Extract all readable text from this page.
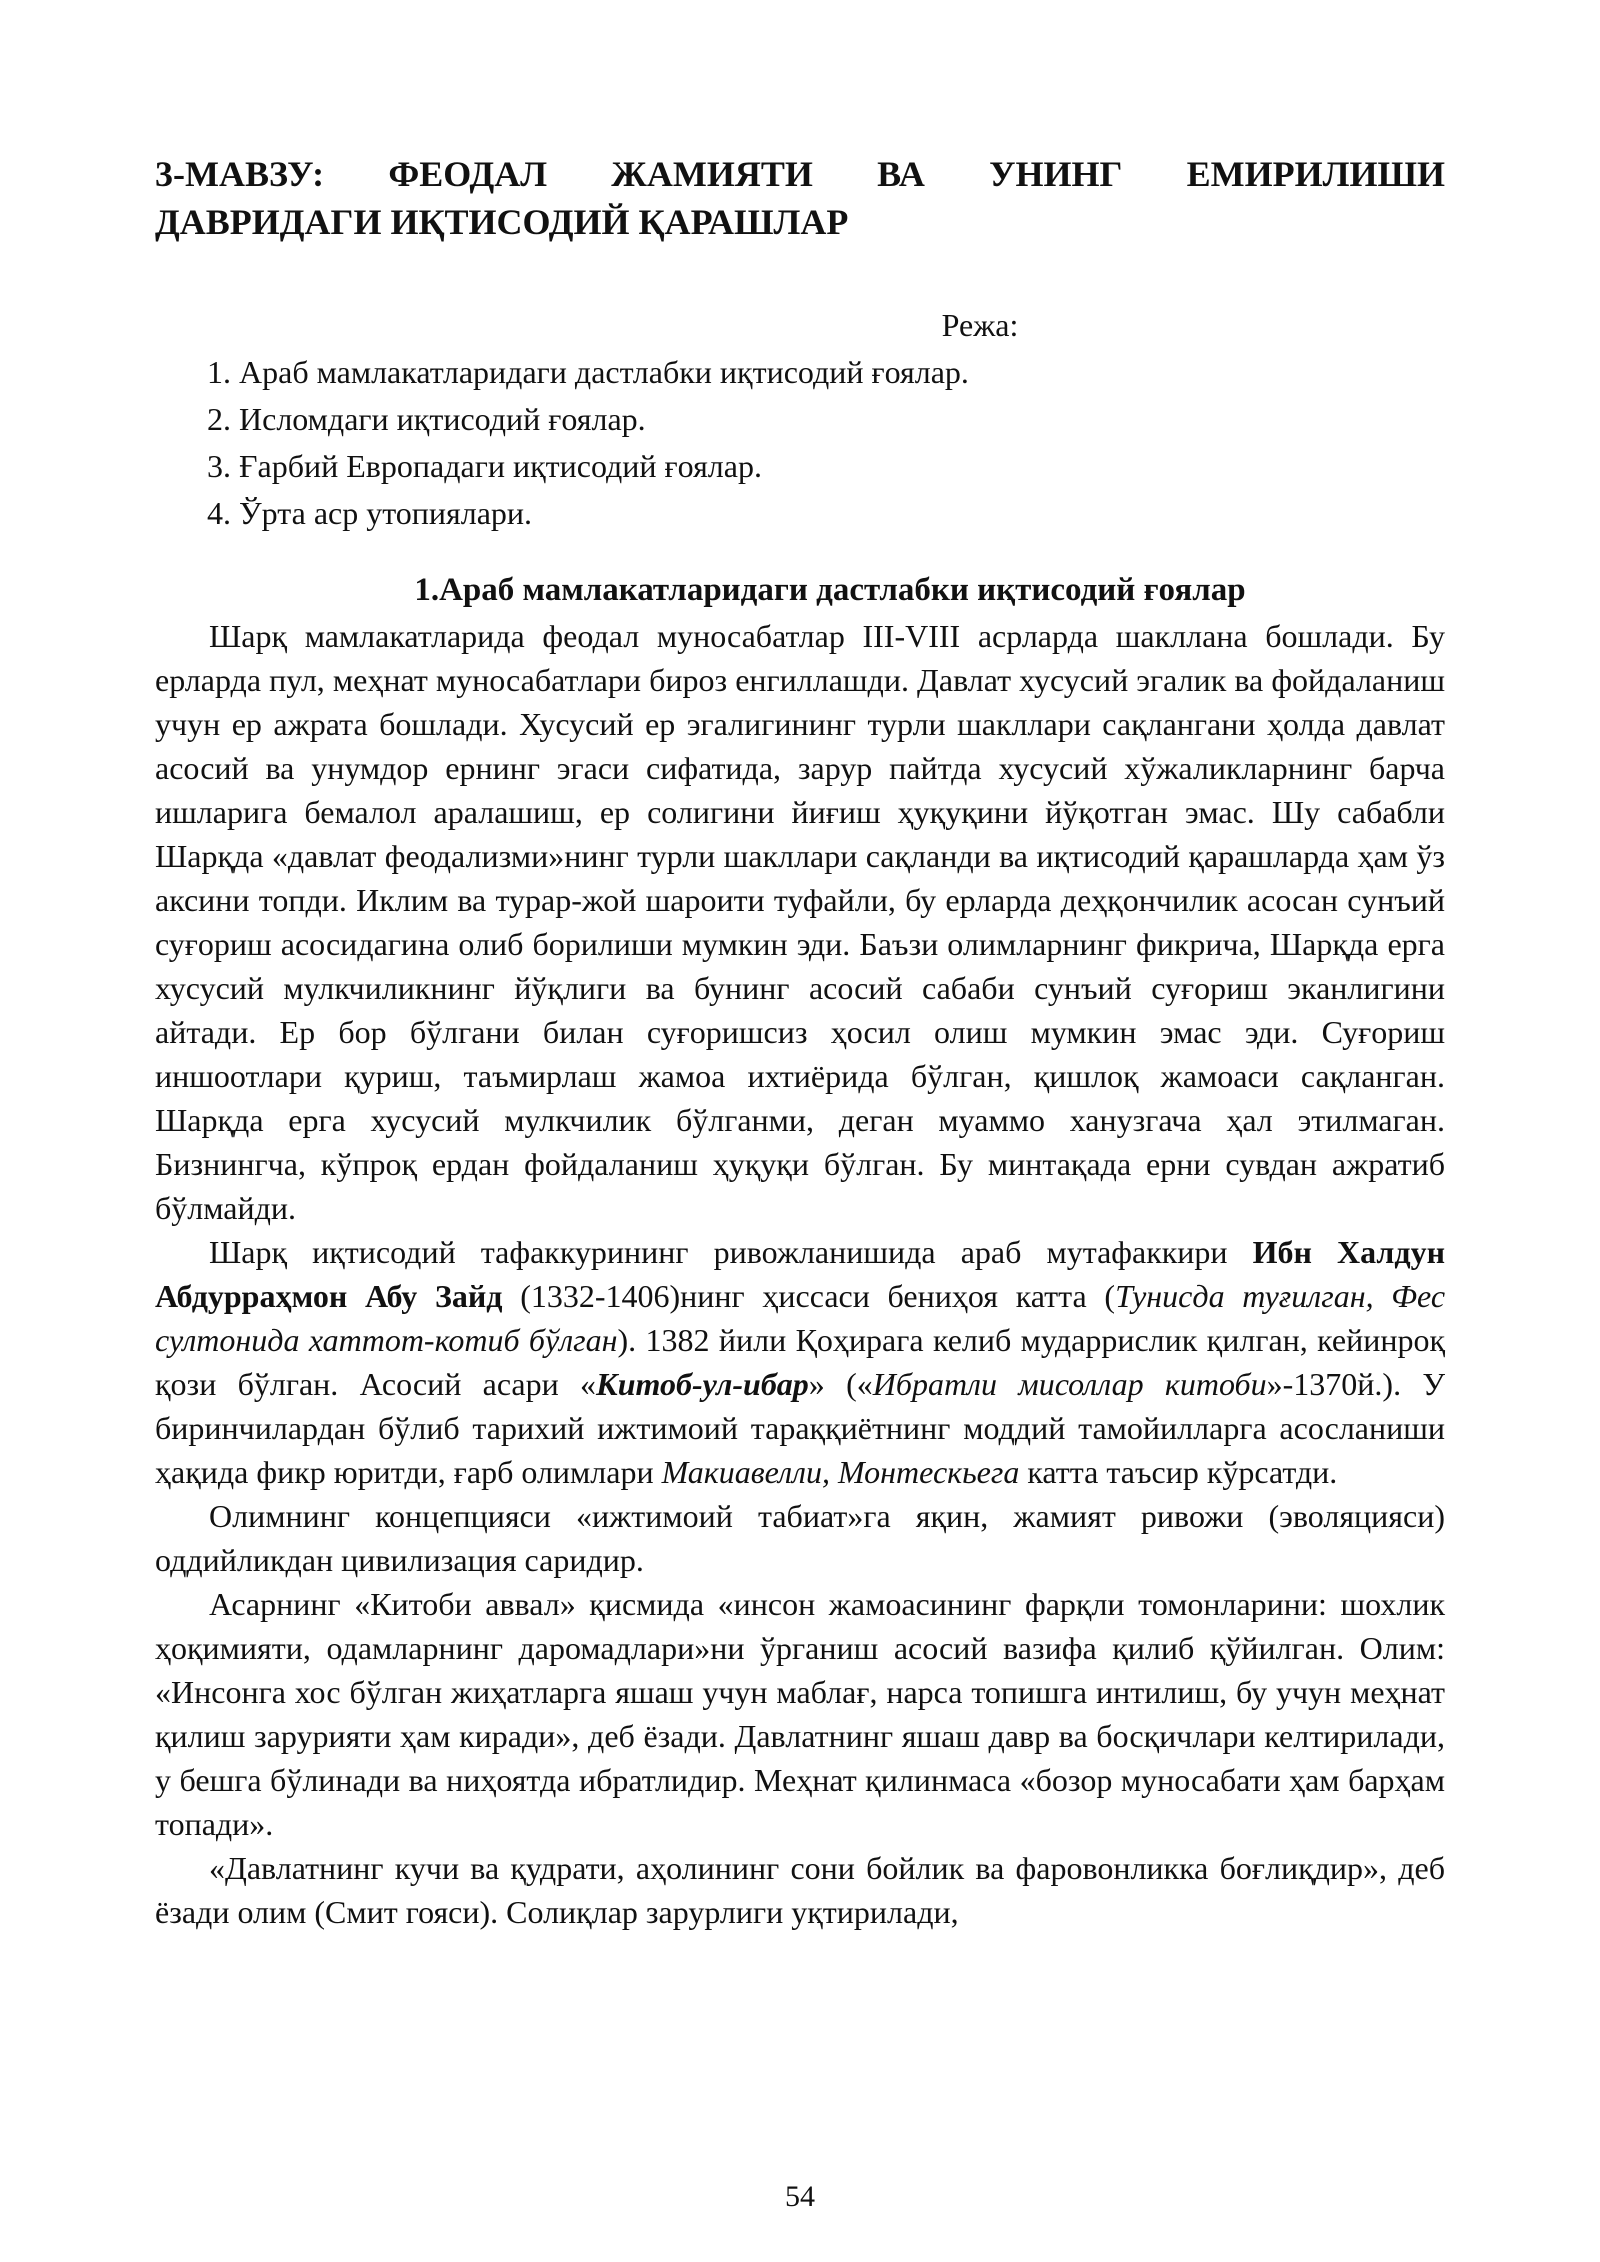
3-МАВЗУ: ФЕОДАЛ ЖАМИЯТИ ВА УНИНГ ЕМИРИЛИШИ
ДАВРИДАГИ ИҚТИСОДИЙ ҚАРАШЛАР
Режа:
1. Араб мамлакатларидаги дастлабки иқтисодий ғоялар.
2. Исломдаги иқтисодий ғоялар.
3. Ғарбий Европадаги иқтисодий ғоялар.
4. Ўрта аср утопиялари.
1.Араб мамлакатларидаги дастлабки иқтисодий ғоялар

Шарқ мамлакатларида феодал муносабатлар III-VIII асрларда шакллана бошлади. Бу ерларда пул, меҳнат муносабатлари бироз енгиллашди. Давлат хусусий эгалик ва фойдаланиш учун ер ажрата бошлади. Хусусий ер эгалигининг турли шакллари сақлангани ҳолда давлат асосий ва унумдор ернинг эгаси сифатида, зарур пайтда хусусий хўжаликларнинг барча ишларига бемалол аралашиш, ер солигини йиғиш ҳуқуқини йўқотган эмас. Шу сабабли Шарқда «давлат феодализми»нинг турли шакллари сақланди ва иқтисодий қарашларда ҳам ўз аксини топди. Иклим ва турар-жой шароити туфайли, бу ерларда деҳқончилик асосан сунъий суғориш асосидагина олиб борилиши мумкин эди. Баъзи олимларнинг фикрича, Шарқда ерга хусусий мулкчиликнинг йўқлиги ва бунинг асосий сабаби сунъий суғориш эканлигини айтади. Ер бор бўлгани билан суғоришсиз ҳосил олиш мумкин эмас эди. Суғориш иншоотлари қуриш, таъмирлаш жамоа ихтиёрида бўлган, қишлоқ жамоаси сақланган. Шарқда ерга хусусий мулкчилик бўлганми, деган муаммо ханузгача ҳал этилмаган. Бизнингча, кўпроқ ердан фойдаланиш ҳуқуқи бўлган. Бу минтақада ерни сувдан ажратиб бўлмайди.

Шарқ иқтисодий тафаккурининг ривожланишида араб мутафаккири Ибн Халдун Абдурраҳмон Абу Зайд (1332-1406)нинг ҳиссаси бениҳоя катта (Тунисда туғилган, Фес султонида хаттот-котиб бўлган). 1382 йили Қоҳирага келиб мударрислик қилган, кейинроқ қози бўлган. Асосий асари «Китоб-ул-ибар» («Ибратли мисоллар китоби»-1370й.). У биринчилардан бўлиб тарихий ижтимоий тараққиётнинг моддий тамойилларга асосланиши ҳақида фикр юритди, ғарб олимлари Макиавелли, Монтескьега катта таъсир кўрсатди.

Олимнинг концепцияси «ижтимоий табиат»га яқин, жамият ривожи (эволяцияси) оддийликдан цивилизация саридир.

Асарнинг «Китоби аввал» қисмида «инсон жамоасининг фарқли томонларини: шохлик ҳоқимияти, одамларнинг даромадлари»ни ўрганиш асосий вазифа қилиб қўйилган. Олим: «Инсонга хос бўлган жиҳатларга яшаш учун маблағ, нарса топишга интилиш, бу учун меҳнат қилиш зарурияти ҳам киради», деб ёзади. Давлатнинг яшаш давр ва босқичлари келтирилади, у бешга бўлинади ва ниҳоятда ибратлидир. Меҳнат қилинмаса «бозор муносабати ҳам барҳам топади».

«Давлатнинг кучи ва қудрати, аҳолининг сони бойлик ва фаровонликка боғлиқдир», деб ёзади олим (Смит гояси). Солиқлар зарурлиги уқтирилади,

54
